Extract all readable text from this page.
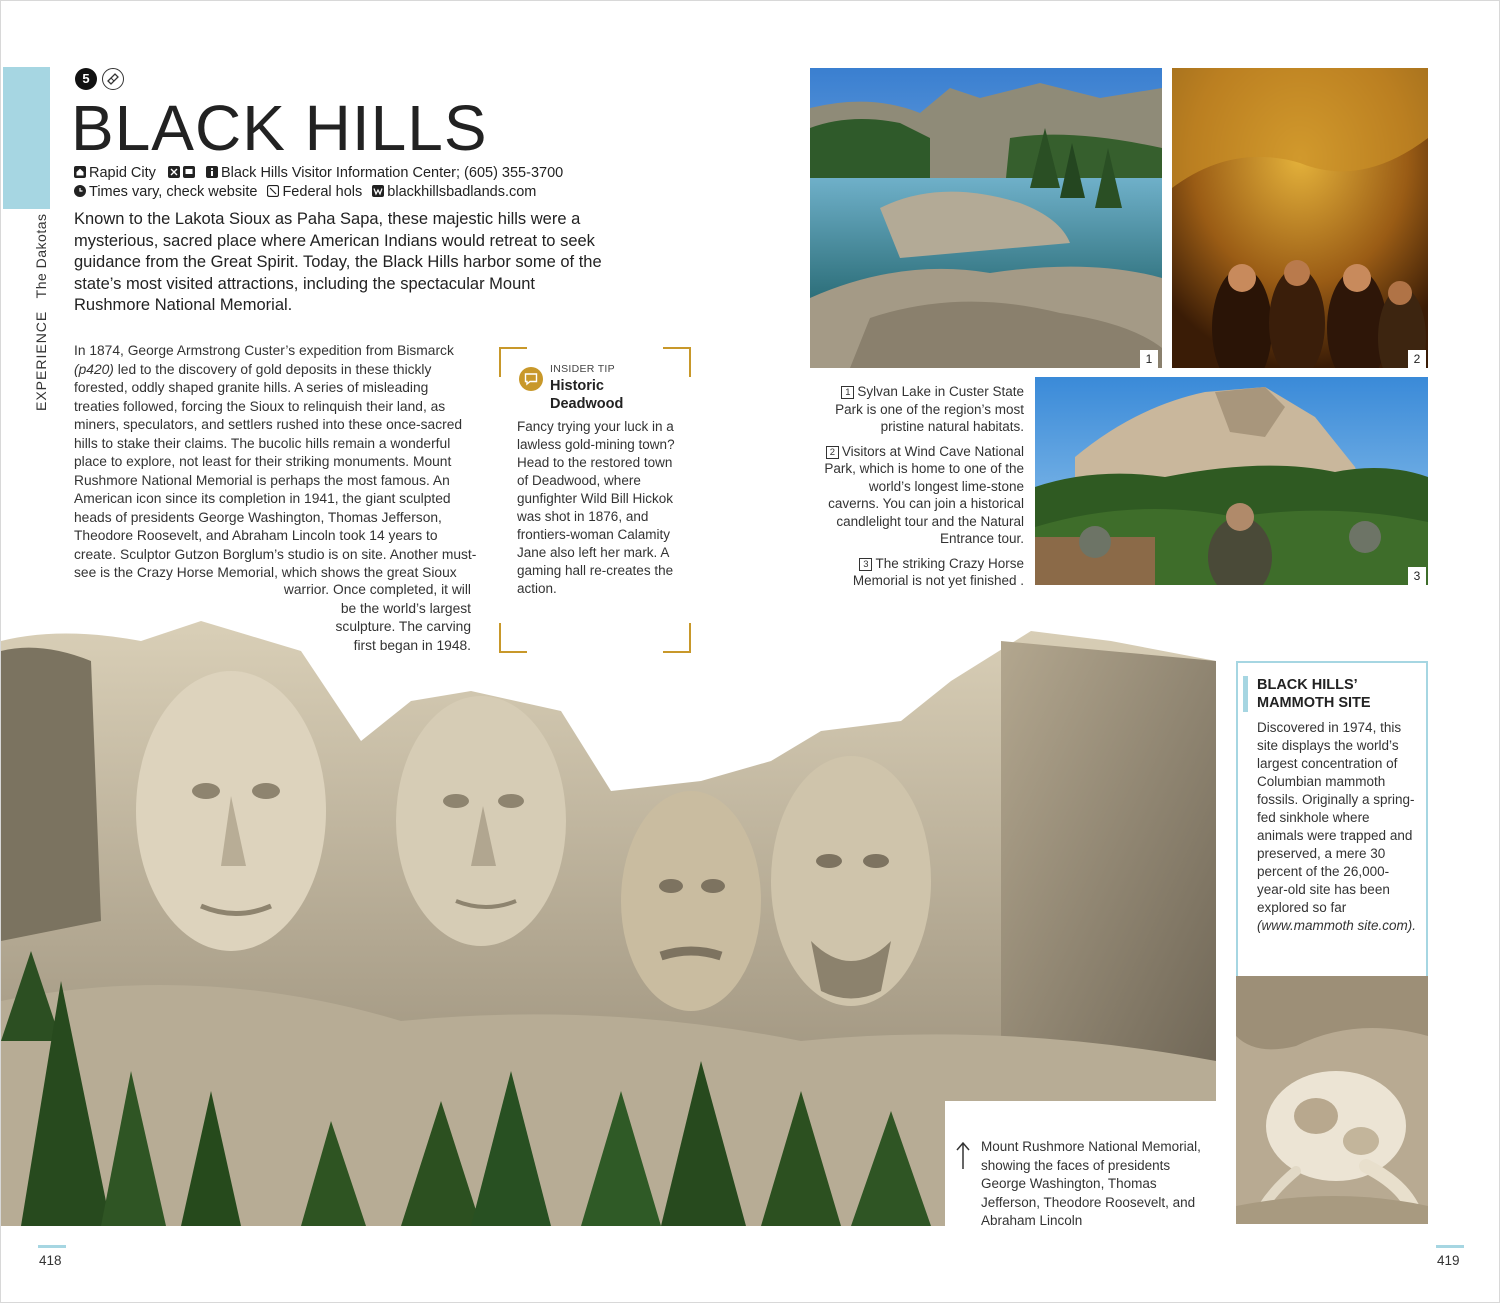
EXPERIENCE The Dakotas
5
BLACK HILLS
Rapid City	Black Hills Visitor Information Center; (605) 355-3700
Times vary, check website Federal hols blackhillsbadlands.com

Known to the Lakota Sioux as Paha Sapa, these majestic hills were a mysterious, sacred place where American Indians would retreat to seek guidance from the Great Spirit. Today, the Black Hills harbor some of the state’s most visited attractions, including the spectacular Mount Rushmore National Memorial.

In 1874, George Armstrong Custer’s expedition from Bismarck
(p420) led to the discovery of gold deposits in these thickly
forested, oddly shaped granite hills. A series of misleading
treaties followed, forcing the Sioux to relinquish their land, as
miners, speculators, and settlers rushed into these once-sacred
hills to stake their claims. The bucolic hills remain a wonderful
place to explore, not least for their striking monuments. Mount
Rushmore National Memorial is perhaps the most famous. An
American icon since its completion in 1941, the giant sculpted
heads of presidents George Washington, Thomas Jefferson,
Theodore Roosevelt, and Abraham Lincoln took 14 years to
create. Sculptor Gutzon Borglum’s studio is on site. Another must-
see is the Crazy Horse Memorial, which shows the great Sioux
warrior. Once completed, it will
be the world’s largest
sculpture. The carving
first began in 1948.
INSIDER TIP
Historic Deadwood
Fancy trying your luck in a lawless gold-mining town? Head to the restored town of Deadwood, where gunfighter Wild Bill Hickok was shot in 1876, and frontiers-woman Calamity Jane also left her mark. A gaming hall re-creates the action.
1	2
3

1 Sylvan Lake in Custer State Park is one of the region’s most pristine natural habitats.

2 Visitors at Wind Cave National Park, which is home to one of the world’s longest lime-stone caverns. You can join a historical candlelight tour and the Natural Entrance tour.

3 The striking Crazy Horse Memorial is not yet finished .

Mount Rushmore National Memorial, showing the faces of presidents George Washington, Thomas Jefferson, Theodore Roosevelt, and Abraham Lincoln
BLACK HILLS’ MAMMOTH SITE
Discovered in 1974, this site displays the world’s largest concentration of Columbian mammoth fossils. Originally a spring-fed sinkhole where animals were trapped and preserved, a mere 30 percent of the 26,000-year-old site has been explored so far (www.mammoth site.com).
418	419
